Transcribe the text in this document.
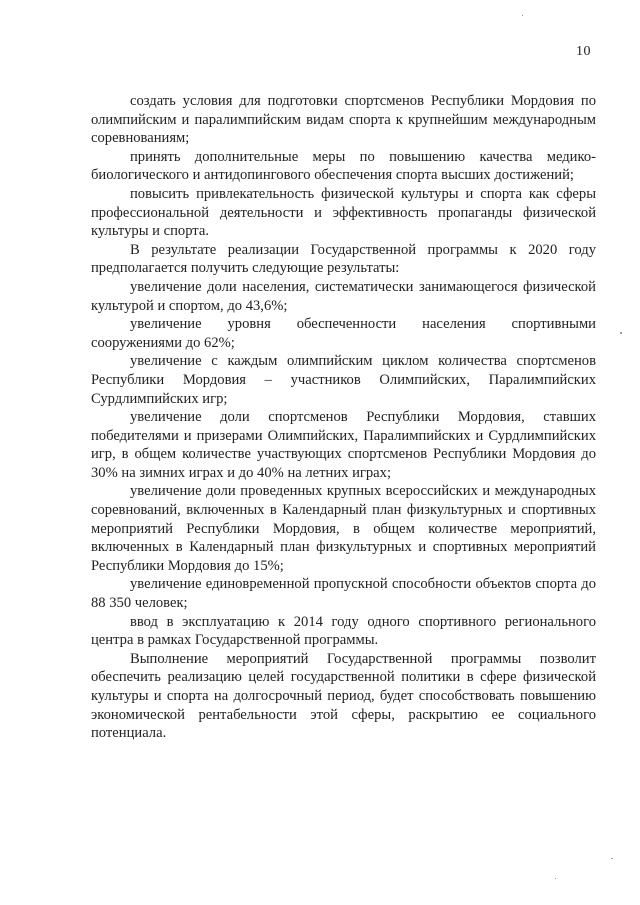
10

создать условия для подготовки спортсменов Республики Мордовия по олимпийским и паралимпийским видам спорта к крупнейшим международным соревнованиям;

принять дополнительные меры по повышению качества медико-биологического и антидопингового обеспечения спорта высших достижений;

повысить привлекательность физической культуры и спорта как сферы профессиональной деятельности и эффективность пропаганды физической культуры и спорта.

В результате реализации Государственной программы к 2020 году предполагается получить следующие результаты:

увеличение доли населения, систематически занимающегося физической культурой и спортом, до 43,6%;

увеличение уровня обеспеченности населения спортивными сооружениями до 62%;

увеличение с каждым олимпийским циклом количества спортсменов Республики Мордовия – участников Олимпийских, Паралимпийских Сурдлимпийских игр;

увеличение доли спортсменов Республики Мордовия, ставших победителями и призерами Олимпийских, Паралимпийских и Сурдлимпийских игр, в общем количестве участвующих спортсменов Республики Мордовия до 30% на зимних играх и до 40% на летних играх;

увеличение доли проведенных крупных всероссийских и международных соревнований, включенных в Календарный план физкультурных и спортивных мероприятий Республики Мордовия, в общем количестве мероприятий, включенных в Календарный план физкультурных и спортивных мероприятий Республики Мордовия до 15%;

увеличение единовременной пропускной способности объектов спорта до 88 350 человек;

ввод в эксплуатацию к 2014 году одного спортивного регионального центра в рамках Государственной программы.

Выполнение мероприятий Государственной программы позволит обеспечить реализацию целей государственной политики в сфере физической культуры и спорта на долгосрочный период, будет способствовать повышению экономической рентабельности этой сферы, раскрытию ее социального потенциала.
